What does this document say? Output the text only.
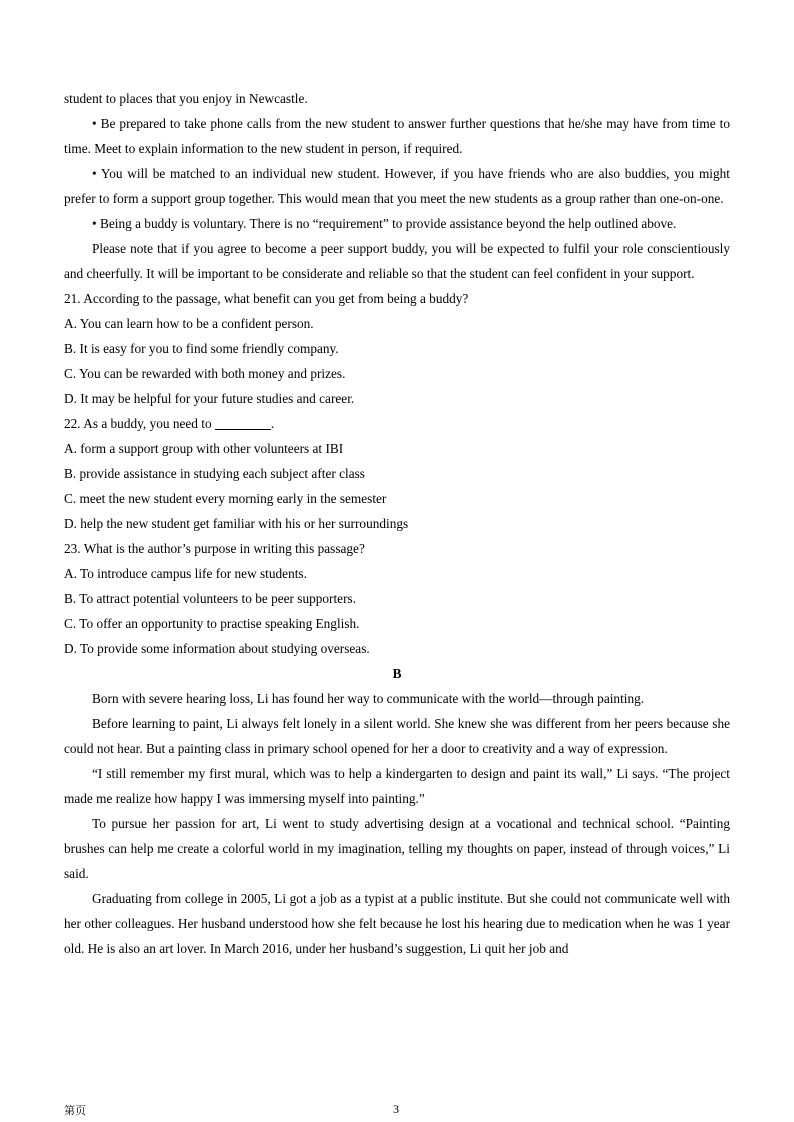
student to places that you enjoy in Newcastle.

• Be prepared to take phone calls from the new student to answer further questions that he/she may have from time to time. Meet to explain information to the new student in person, if required.

• You will be matched to an individual new student. However, if you have friends who are also buddies, you might prefer to form a support group together. This would mean that you meet the new students as a group rather than one-on-one.

• Being a buddy is voluntary. There is no “requirement” to provide assistance beyond the help outlined above.

Please note that if you agree to become a peer support buddy, you will be expected to fulfil your role conscientiously and cheerfully. It will be important to be considerate and reliable so that the student can feel confident in your support.

21. According to the passage, what benefit can you get from being a buddy?

A. You can learn how to be a confident person.

B. It is easy for you to find some friendly company.

C. You can be rewarded with both money and prizes.

D. It may be helpful for your future studies and career.

22. As a buddy, you need to	.

A. form a support group with other volunteers at IBI

B. provide assistance in studying each subject after class

C. meet the new student every morning early in the semester

D. help the new student get familiar with his or her surroundings

23. What is the author’s purpose in writing this passage?

A. To introduce campus life for new students.

B. To attract potential volunteers to be peer supporters.

C. To offer an opportunity to practise speaking English.

D. To provide some information about studying overseas.

B

Born with severe hearing loss, Li has found her way to communicate with the world—through painting.

Before learning to paint, Li always felt lonely in a silent world. She knew she was different from her peers because she could not hear. But a painting class in primary school opened for her a door to creativity and a way of expression.

“I still remember my first mural, which was to help a kindergarten to design and paint its wall,” Li says. “The project made me realize how happy I was immersing myself into painting.”

To pursue her passion for art, Li went to study advertising design at a vocational and technical school. “Painting brushes can help me create a colorful world in my imagination, telling my thoughts on paper, instead of through voices,” Li said.

Graduating from college in 2005, Li got a job as a typist at a public institute. But she could not communicate well with her other colleagues. Her husband understood how she felt because he lost his hearing due to medication when he was 1 year old. He is also an art lover. In March 2016, under her husband’s suggestion, Li quit her job and

第页	3
